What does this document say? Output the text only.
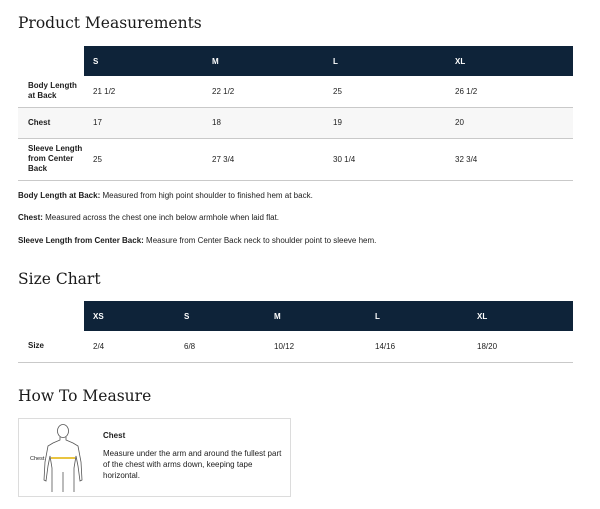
Product Measurements
	S	M	L	XL
Body Length at Back	21 1/2	22 1/2	25	26 1/2
Chest	17	18	19	20
Sleeve Length from Center Back	25	27 3/4	30 1/4	32 3/4

Body Length at Back: Measured from high point shoulder to finished hem at back.

Chest: Measured across the chest one inch below armhole when laid flat.

Sleeve Length from Center Back: Measure from Center Back neck to shoulder point to sleeve hem.

Size Chart
	XS	S	M	L	XL
Size	2/4	6/8	10/12	14/16	18/20
How To Measure
Chest
Chest
Measure under the arm and around the fullest part of the chest with arms down, keeping tape horizontal.
